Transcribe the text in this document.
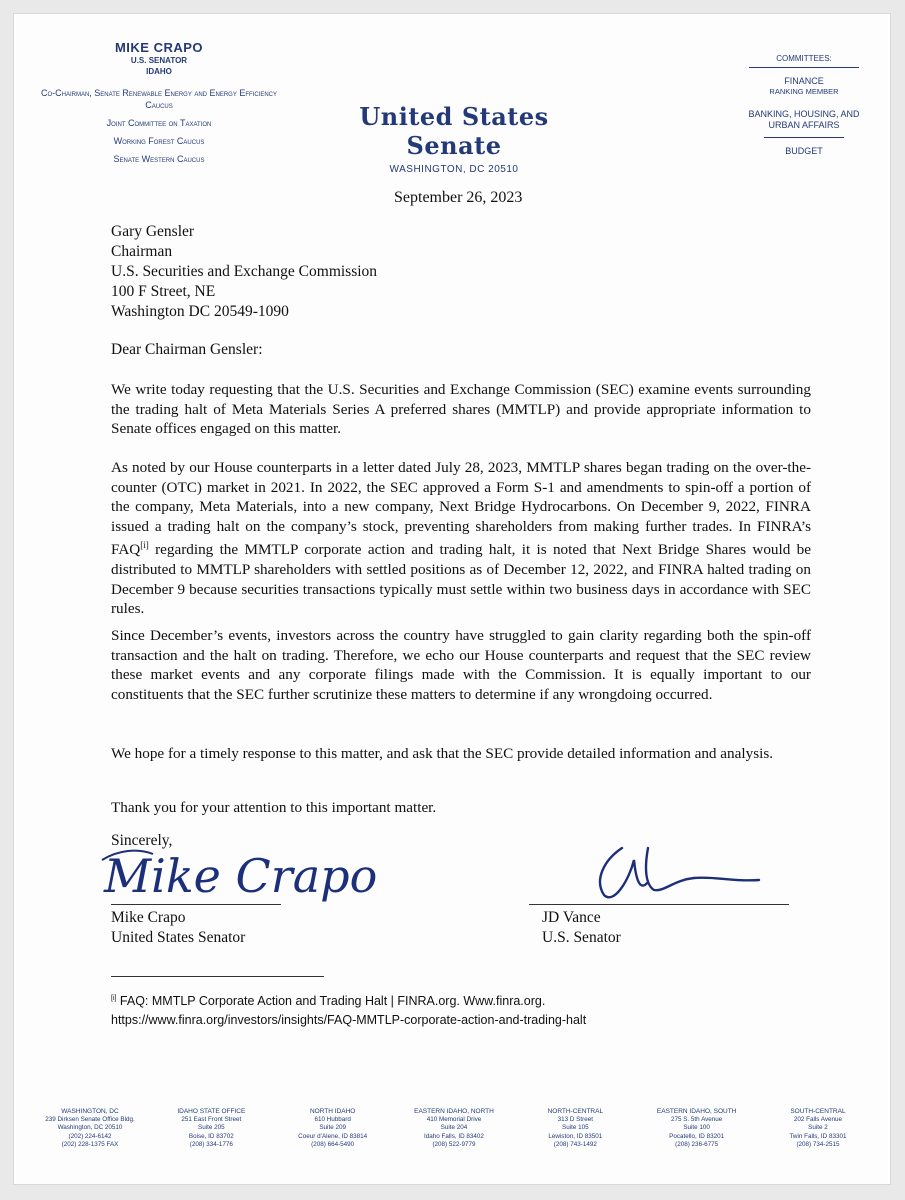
MIKE CRAPO
U.S. SENATOR
IDAHO
Co-Chairman, Senate Renewable Energy and Energy Efficiency Caucus
Joint Committee on Taxation
Working Forest Caucus
Senate Western Caucus
United States Senate
WASHINGTON, DC 20510
COMMITTEES:
FINANCE
RANKING MEMBER
BANKING, HOUSING, AND URBAN AFFAIRS
BUDGET
September 26, 2023
Gary Gensler
Chairman
U.S. Securities and Exchange Commission
100 F Street, NE
Washington DC 20549-1090
Dear Chairman Gensler:
We write today requesting that the U.S. Securities and Exchange Commission (SEC) examine events surrounding the trading halt of Meta Materials Series A preferred shares (MMTLP) and provide appropriate information to Senate offices engaged on this matter.
As noted by our House counterparts in a letter dated July 28, 2023, MMTLP shares began trading on the over-the-counter (OTC) market in 2021. In 2022, the SEC approved a Form S-1 and amendments to spin-off a portion of the company, Meta Materials, into a new company, Next Bridge Hydrocarbons. On December 9, 2022, FINRA issued a trading halt on the company’s stock, preventing shareholders from making further trades. In FINRA’s FAQ[i] regarding the MMTLP corporate action and trading halt, it is noted that Next Bridge Shares would be distributed to MMTLP shareholders with settled positions as of December 12, 2022, and FINRA halted trading on December 9 because securities transactions typically must settle within two business days in accordance with SEC rules.
Since December’s events, investors across the country have struggled to gain clarity regarding both the spin-off transaction and the halt on trading. Therefore, we echo our House counterparts and request that the SEC review these market events and any corporate filings made with the Commission. It is equally important to our constituents that the SEC further scrutinize these matters to determine if any wrongdoing occurred.
We hope for a timely response to this matter, and ask that the SEC provide detailed information and analysis.
Thank you for your attention to this important matter.
Sincerely,
Mike Crapo
Mike Crapo
United States Senator
JD Vance
U.S. Senator
[i] FAQ: MMTLP Corporate Action and Trading Halt | FINRA.org. Www.finra.org.
https://www.finra.org/investors/insights/FAQ-MMTLP-corporate-action-and-trading-halt
WASHINGTON, DC
239 Dirksen Senate Office Bldg.
Washington, DC 20510
(202) 224-6142
(202) 228-1375 FAX
IDAHO STATE OFFICE
251 East Front Street
Suite 205
Boise, ID 83702
(208) 334-1776
NORTH IDAHO
610 Hubbard
Suite 209
Coeur d’Alene, ID 83814
(208) 664-5490
EASTERN IDAHO, NORTH
410 Memorial Drive
Suite 204
Idaho Falls, ID 83402
(208) 522-9779
NORTH-CENTRAL
313 D Street
Suite 105
Lewiston, ID 83501
(208) 743-1492
EASTERN IDAHO, SOUTH
275 S. 5th Avenue
Suite 100
Pocatello, ID 83201
(208) 236-6775
SOUTH-CENTRAL
202 Falls Avenue
Suite 2
Twin Falls, ID 83301
(208) 734-2515
